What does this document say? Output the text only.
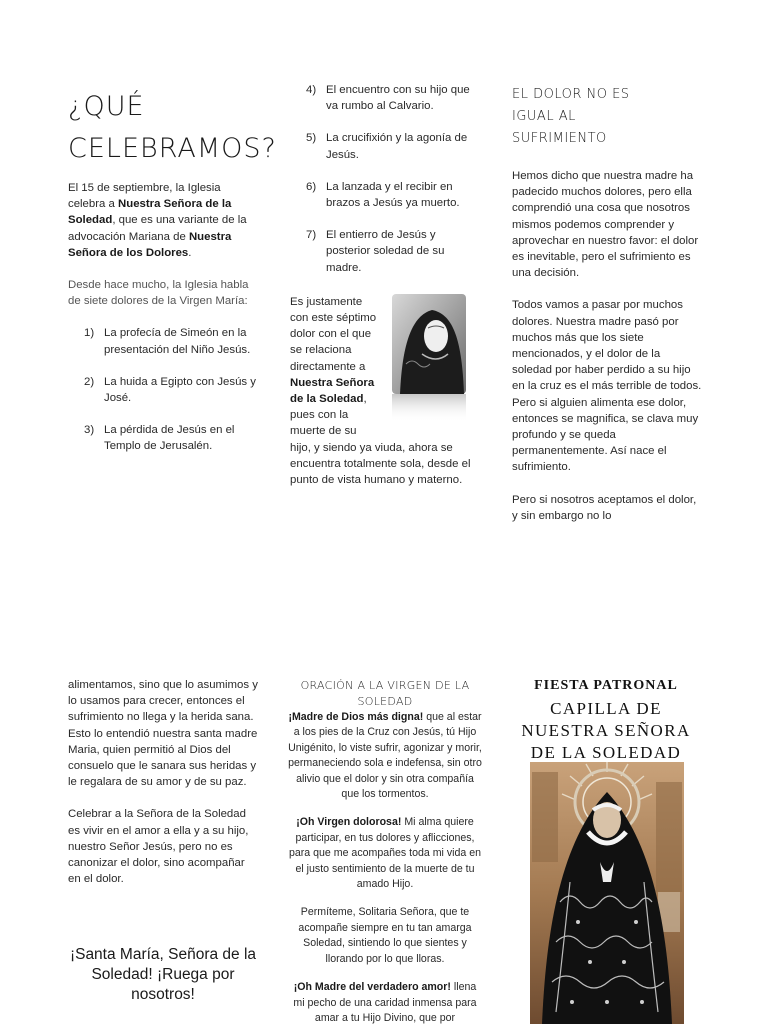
¿QUÉ
CELEBRAMOS?

El 15 de septiembre, la Iglesia celebra a Nuestra Señora de la Soledad, que es una variante de la advocación Mariana de Nuestra Señora de los Dolores.

Desde hace mucho, la Iglesia habla de siete dolores de la Virgen María:

1) La profecía de Simeón en la presentación del Niño Jesús.
2) La huida a Egipto con Jesús y José.
3) La pérdida de Jesús en el Templo de Jerusalén.
4) El encuentro con su hijo que va rumbo al Calvario.
5) La crucifixión y la agonía de Jesús.
6) La lanzada y el recibir en brazos a Jesús ya muerto.
7) El entierro de Jesús y posterior soledad de su madre.

Es justamente con este séptimo dolor con el que se relaciona directamente a Nuestra Señora de la Soledad, pues con la muerte de su

hijo, y siendo ya viuda, ahora se encuentra totalmente sola, desde el punto de vista humano y materno.

EL DOLOR NO ES IGUAL AL SUFRIMIENTO

Hemos dicho que nuestra madre ha padecido muchos dolores, pero ella comprendió una cosa que nosotros mismos podemos comprender y aprovechar en nuestro favor: el dolor es inevitable, pero el sufrimiento es una decisión.

Todos vamos a pasar por muchos dolores. Nuestra madre pasó por muchos más que los siete mencionados, y el dolor de la soledad por haber perdido a su hijo en la cruz es el más terrible de todos. Pero si alguien alimenta ese dolor, entonces se magnifica, se clava muy profundo y se queda permanentemente. Así nace el sufrimiento.

Pero si nosotros aceptamos el dolor, y sin embargo no lo

alimentamos, sino que lo asumimos y lo usamos para crecer, entonces el sufrimiento no llega y la herida sana. Esto lo entendió nuestra santa madre Maria, quien permitió al Dios del consuelo que le sanara sus heridas y le regalara de su amor y de su paz.

Celebrar a la Señora de la Soledad es vivir en el amor a ella y a su hijo, nuestro Señor Jesús, pero no es canonizar el dolor, sino acompañar en el dolor.

¡Santa María, Señora de la Soledad! ¡Ruega por nosotros!

ORACIÓN A LA VIRGEN DE LA SOLEDAD

¡Madre de Dios más digna! que al estar a los pies de la Cruz con Jesús, tú Hijo Unigénito, lo viste sufrir, agonizar y morir, permaneciendo sola e indefensa, sin otro alivio que el dolor y sin otra compañía que los tormentos.

¡Oh Virgen dolorosa! Mi alma quiere participar, en tus dolores y aflicciones, para que me acompañes toda mi vida en el justo sentimiento de la muerte de tu amado Hijo.

Permíteme, Solitaria Señora, que te acompañe siempre en tu tan amarga Soledad, sintiendo lo que sientes y llorando por lo que lloras.

¡Oh Madre del verdadero amor! llena mi pecho de una caridad inmensa para amar a tu Hijo Divino, que por

FIESTA PATRONAL
CAPILLA DE
NUESTRA SEÑORA
DE LA SOLEDAD
